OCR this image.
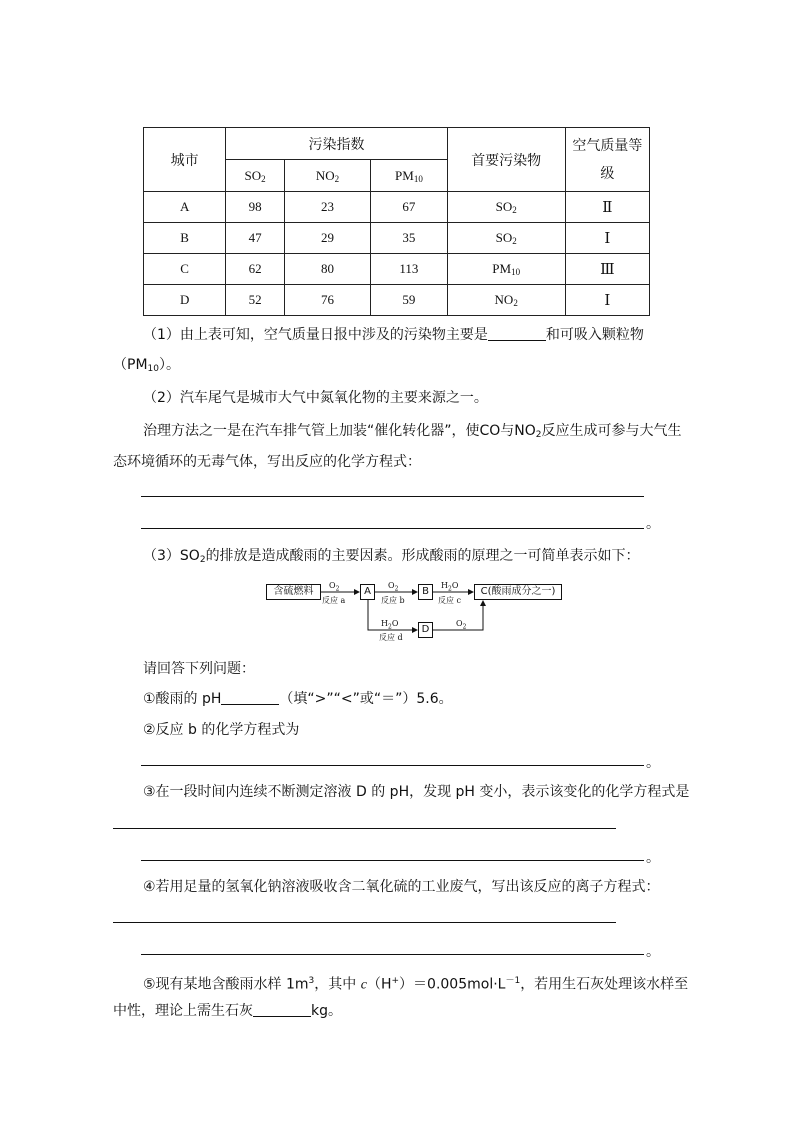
城市	污染指数			首要污染物	空气质量等
级
	$SO_2$	$NO_2$	$PM_{10}$
A	98	23	67	$SO_2$	Ⅱ
B	47	29	35	$SO_2$	Ⅰ
C	62	80	113	$PM_{10}$	Ⅲ
D	52	76	59	$NO_2$	Ⅰ
（1）由上表可知，空气质量日报中涉及的污染物主要是	和可吸入颗粒物
$(PM_{10})$。
（2）汽车尾气是城市大气中氮氧化物的主要来源之一。
治理方法之一是在汽车排气管上加装“催化转化器”，使CO与$NO_2$反应生成可参与大气生
态环境循环的无毒气体，写出反应的化学方程式：
。
$(3)SO_2$的排放是造成酸雨的主要因素。形成酸雨的原理之一可简单表示如下：
含硫燃料	A	B	C(酸雨成分之一)
D
$O_2$
反应 a
$O_2$
反应 b
$H_2O$
反应 c
$H_2O$
反应 d
$O_2$
请回答下列问题：
①酸雨的 pH	（填“>”“<”或“＝”）5.6。
②反应 b 的化学方程式为
。
③在一段时间内连续不断测定溶液 D 的 pH，发现 pH 变小，表示该变化的化学方程式是
。
④若用足量的氢氧化钠溶液吸收含二氧化硫的工业废气，写出该反应的离子方程式：
。
⑤现有某地含酸雨水样 $1m^3$，其中 $c(H^+)=0.005mol\cdot L^{-1}$，若用生石灰处理该水样至
中性，理论上需生石灰	kg。
